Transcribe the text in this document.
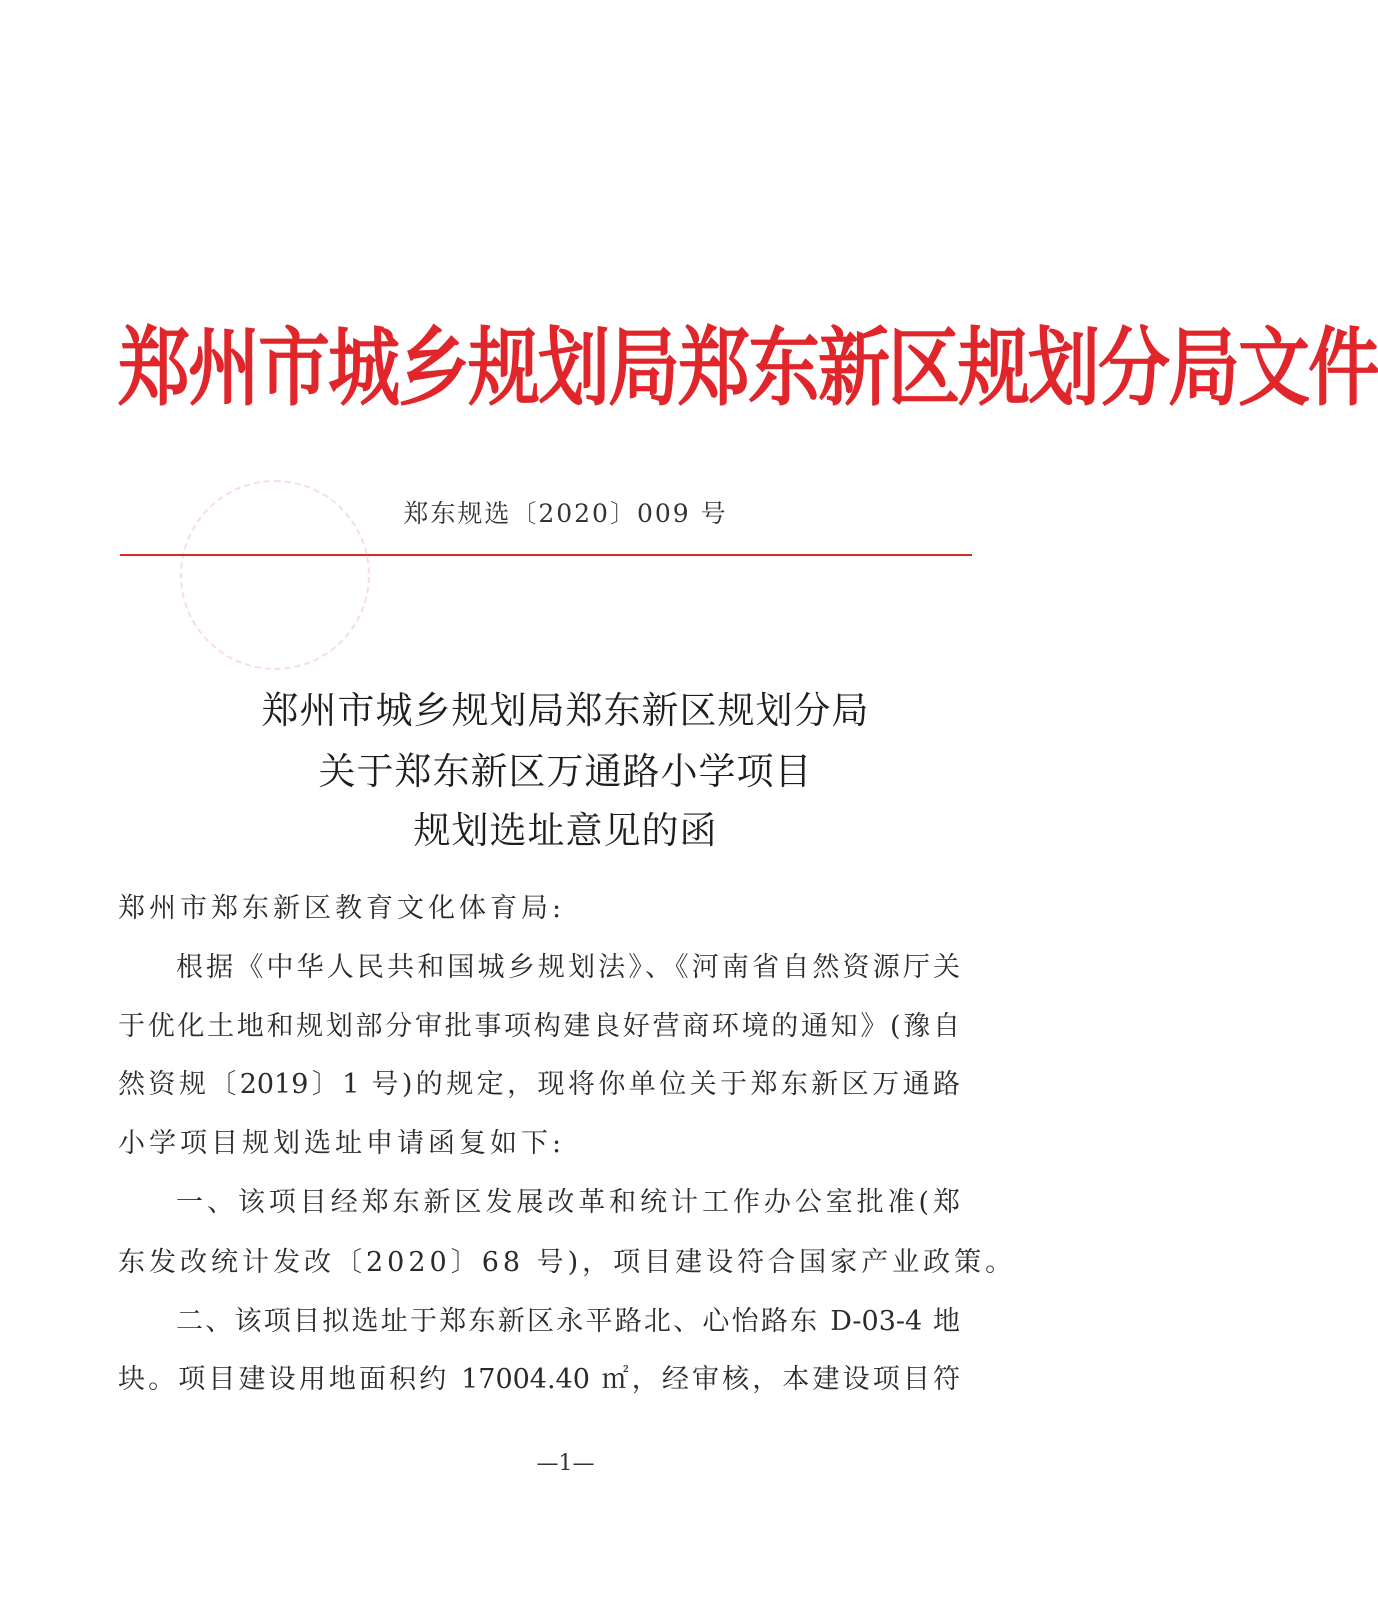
郑州市城乡规划局郑东新区规划分局文件
郑东规选〔2020〕009 号
郑州市城乡规划局郑东新区规划分局
关于郑东新区万通路小学项目
规划选址意见的函
郑州市郑东新区教育文化体育局:
根据《中华人民共和国城乡规划法》、《河南省自然资源厅关
于优化土地和规划部分审批事项构建良好营商环境的通知》(豫自
然资规〔2019〕1 号)的规定，现将你单位关于郑东新区万通路
小学项目规划选址申请函复如下:
一、该项目经郑东新区发展改革和统计工作办公室批准(郑
东发改统计发改〔2020〕68 号)，项目建设符合国家产业政策。
二、该项目拟选址于郑东新区永平路北、心怡路东 D-03-4 地
块。项目建设用地面积约 17004.40 ㎡，经审核，本建设项目符
—1—
